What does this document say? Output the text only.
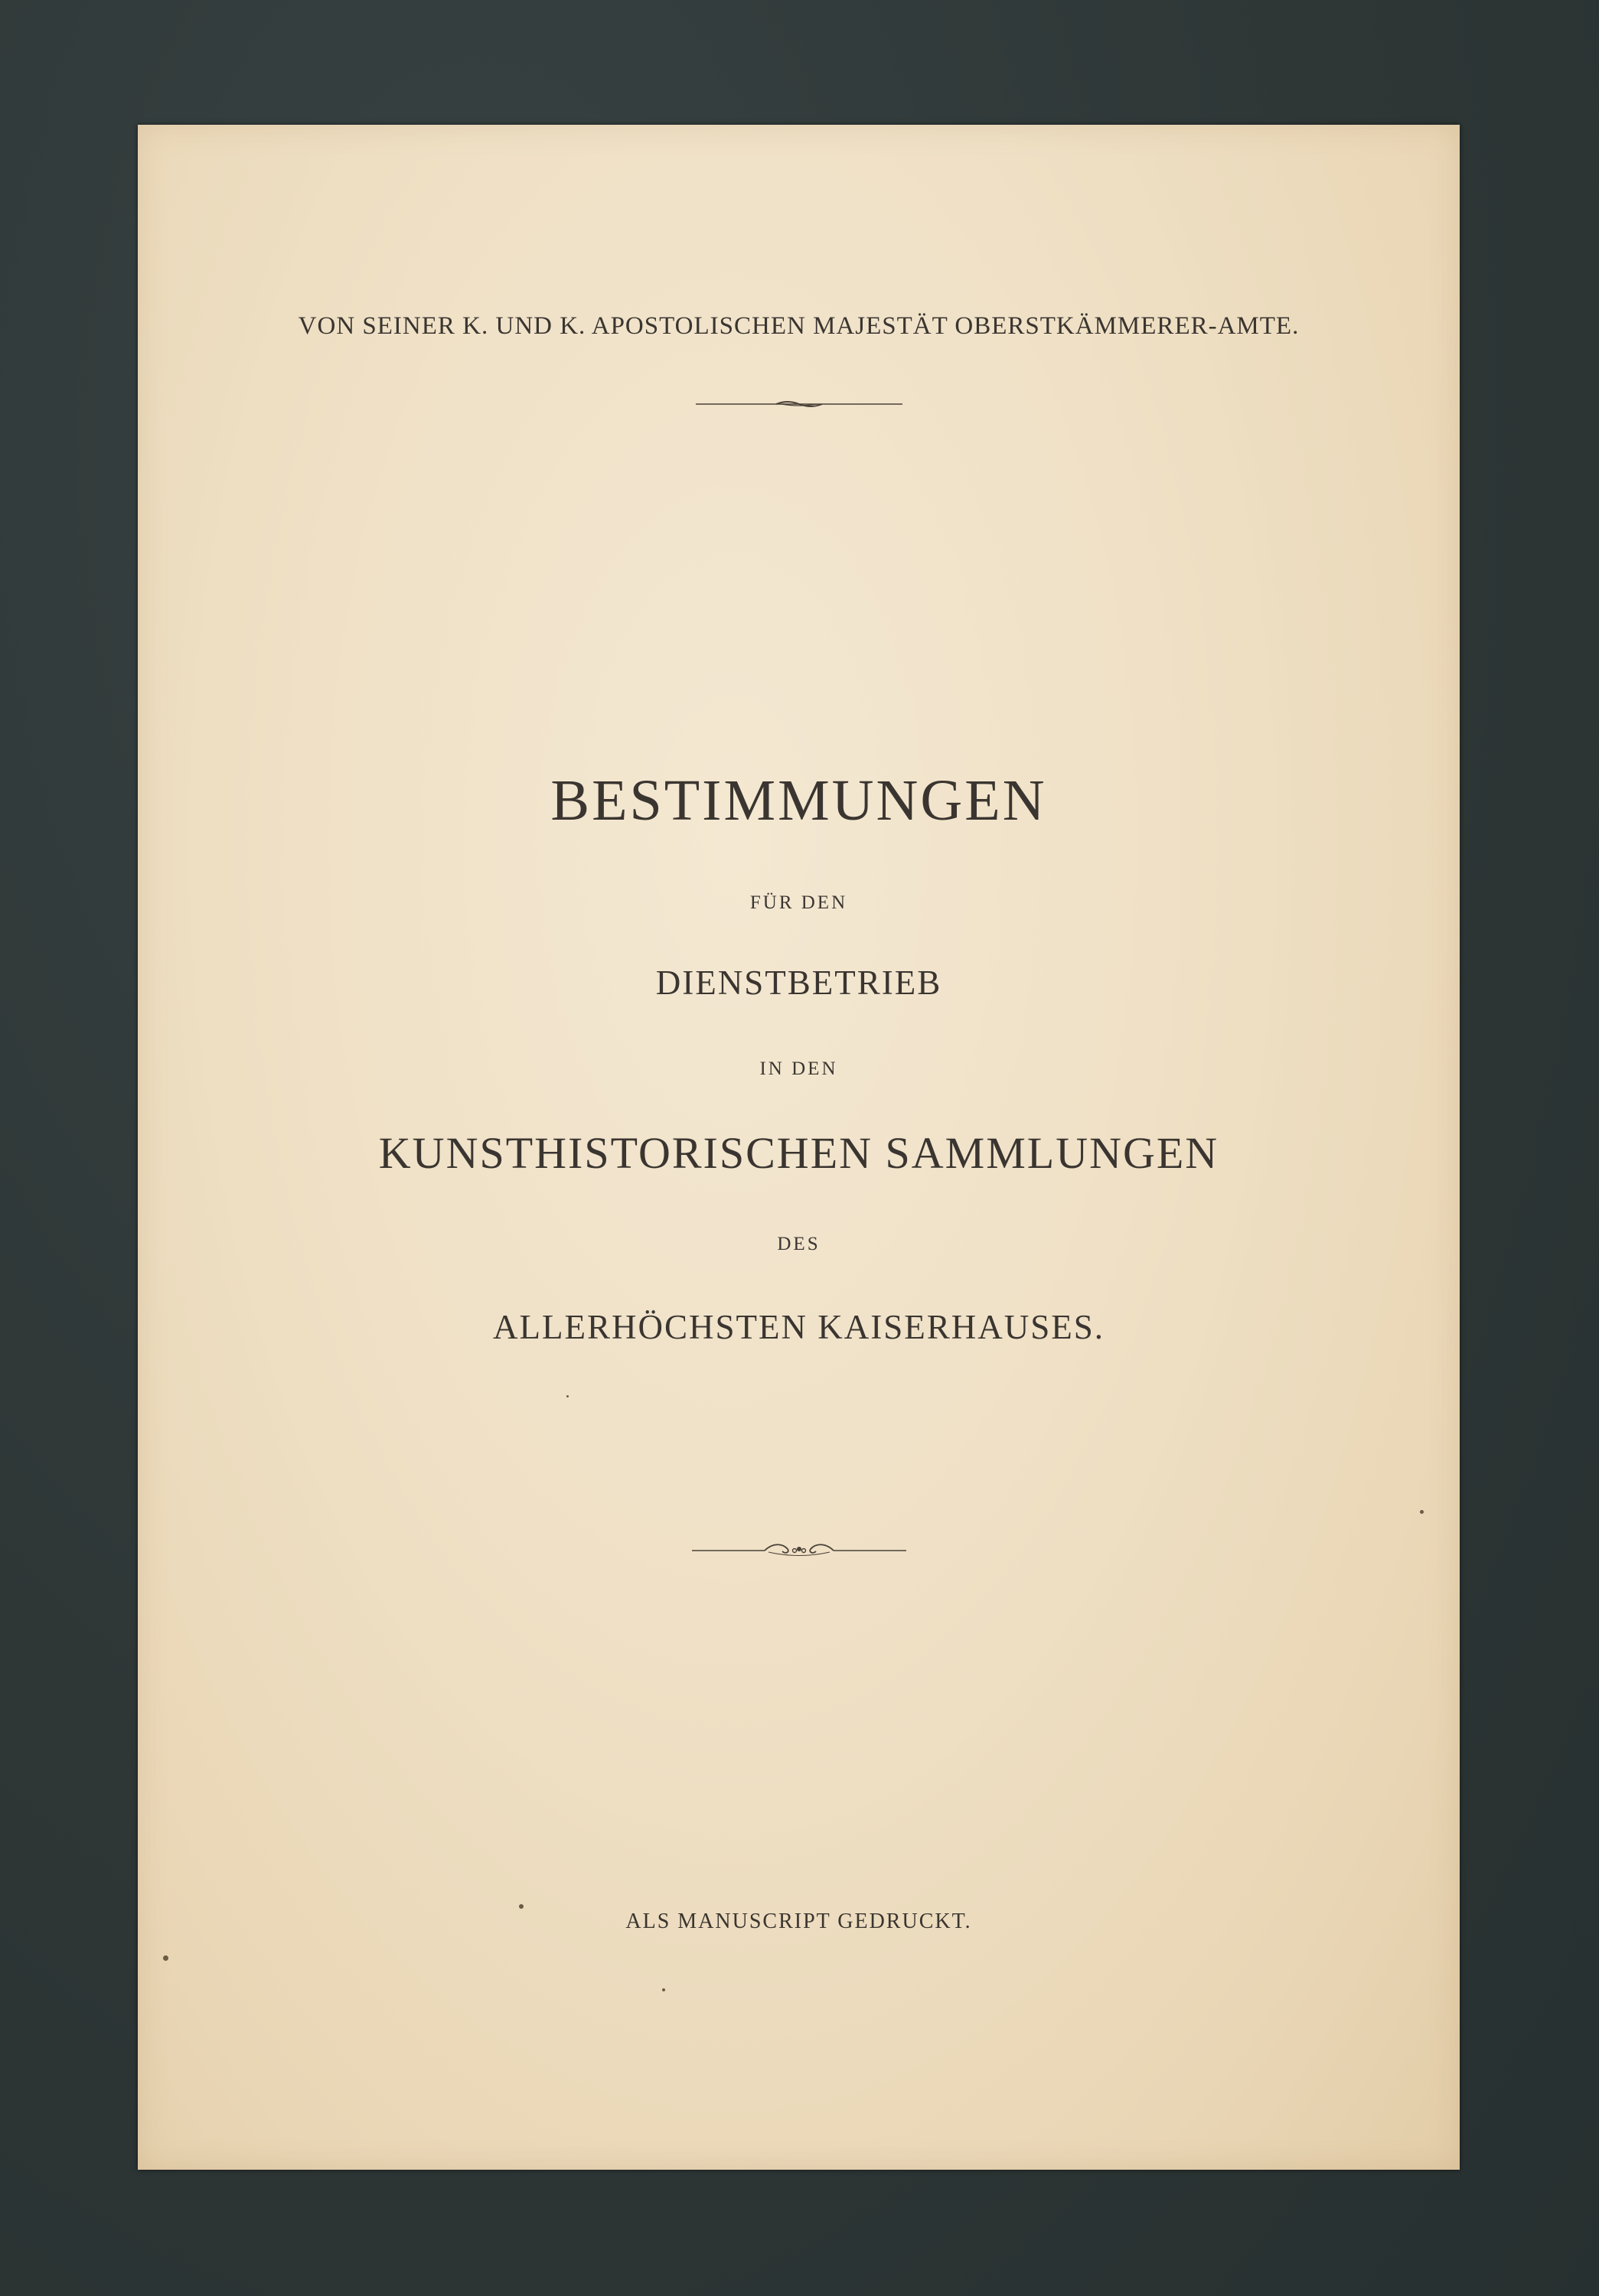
VON SEINER K. UND K. APOSTOLISCHEN MAJESTÄT OBERSTKÄMMERER-AMTE.
BESTIMMUNGEN
FÜR DEN
DIENSTBETRIEB
IN DEN
KUNSTHISTORISCHEN SAMMLUNGEN
DES
ALLERHÖCHSTEN KAISERHAUSES.
ALS MANUSCRIPT GEDRUCKT.
